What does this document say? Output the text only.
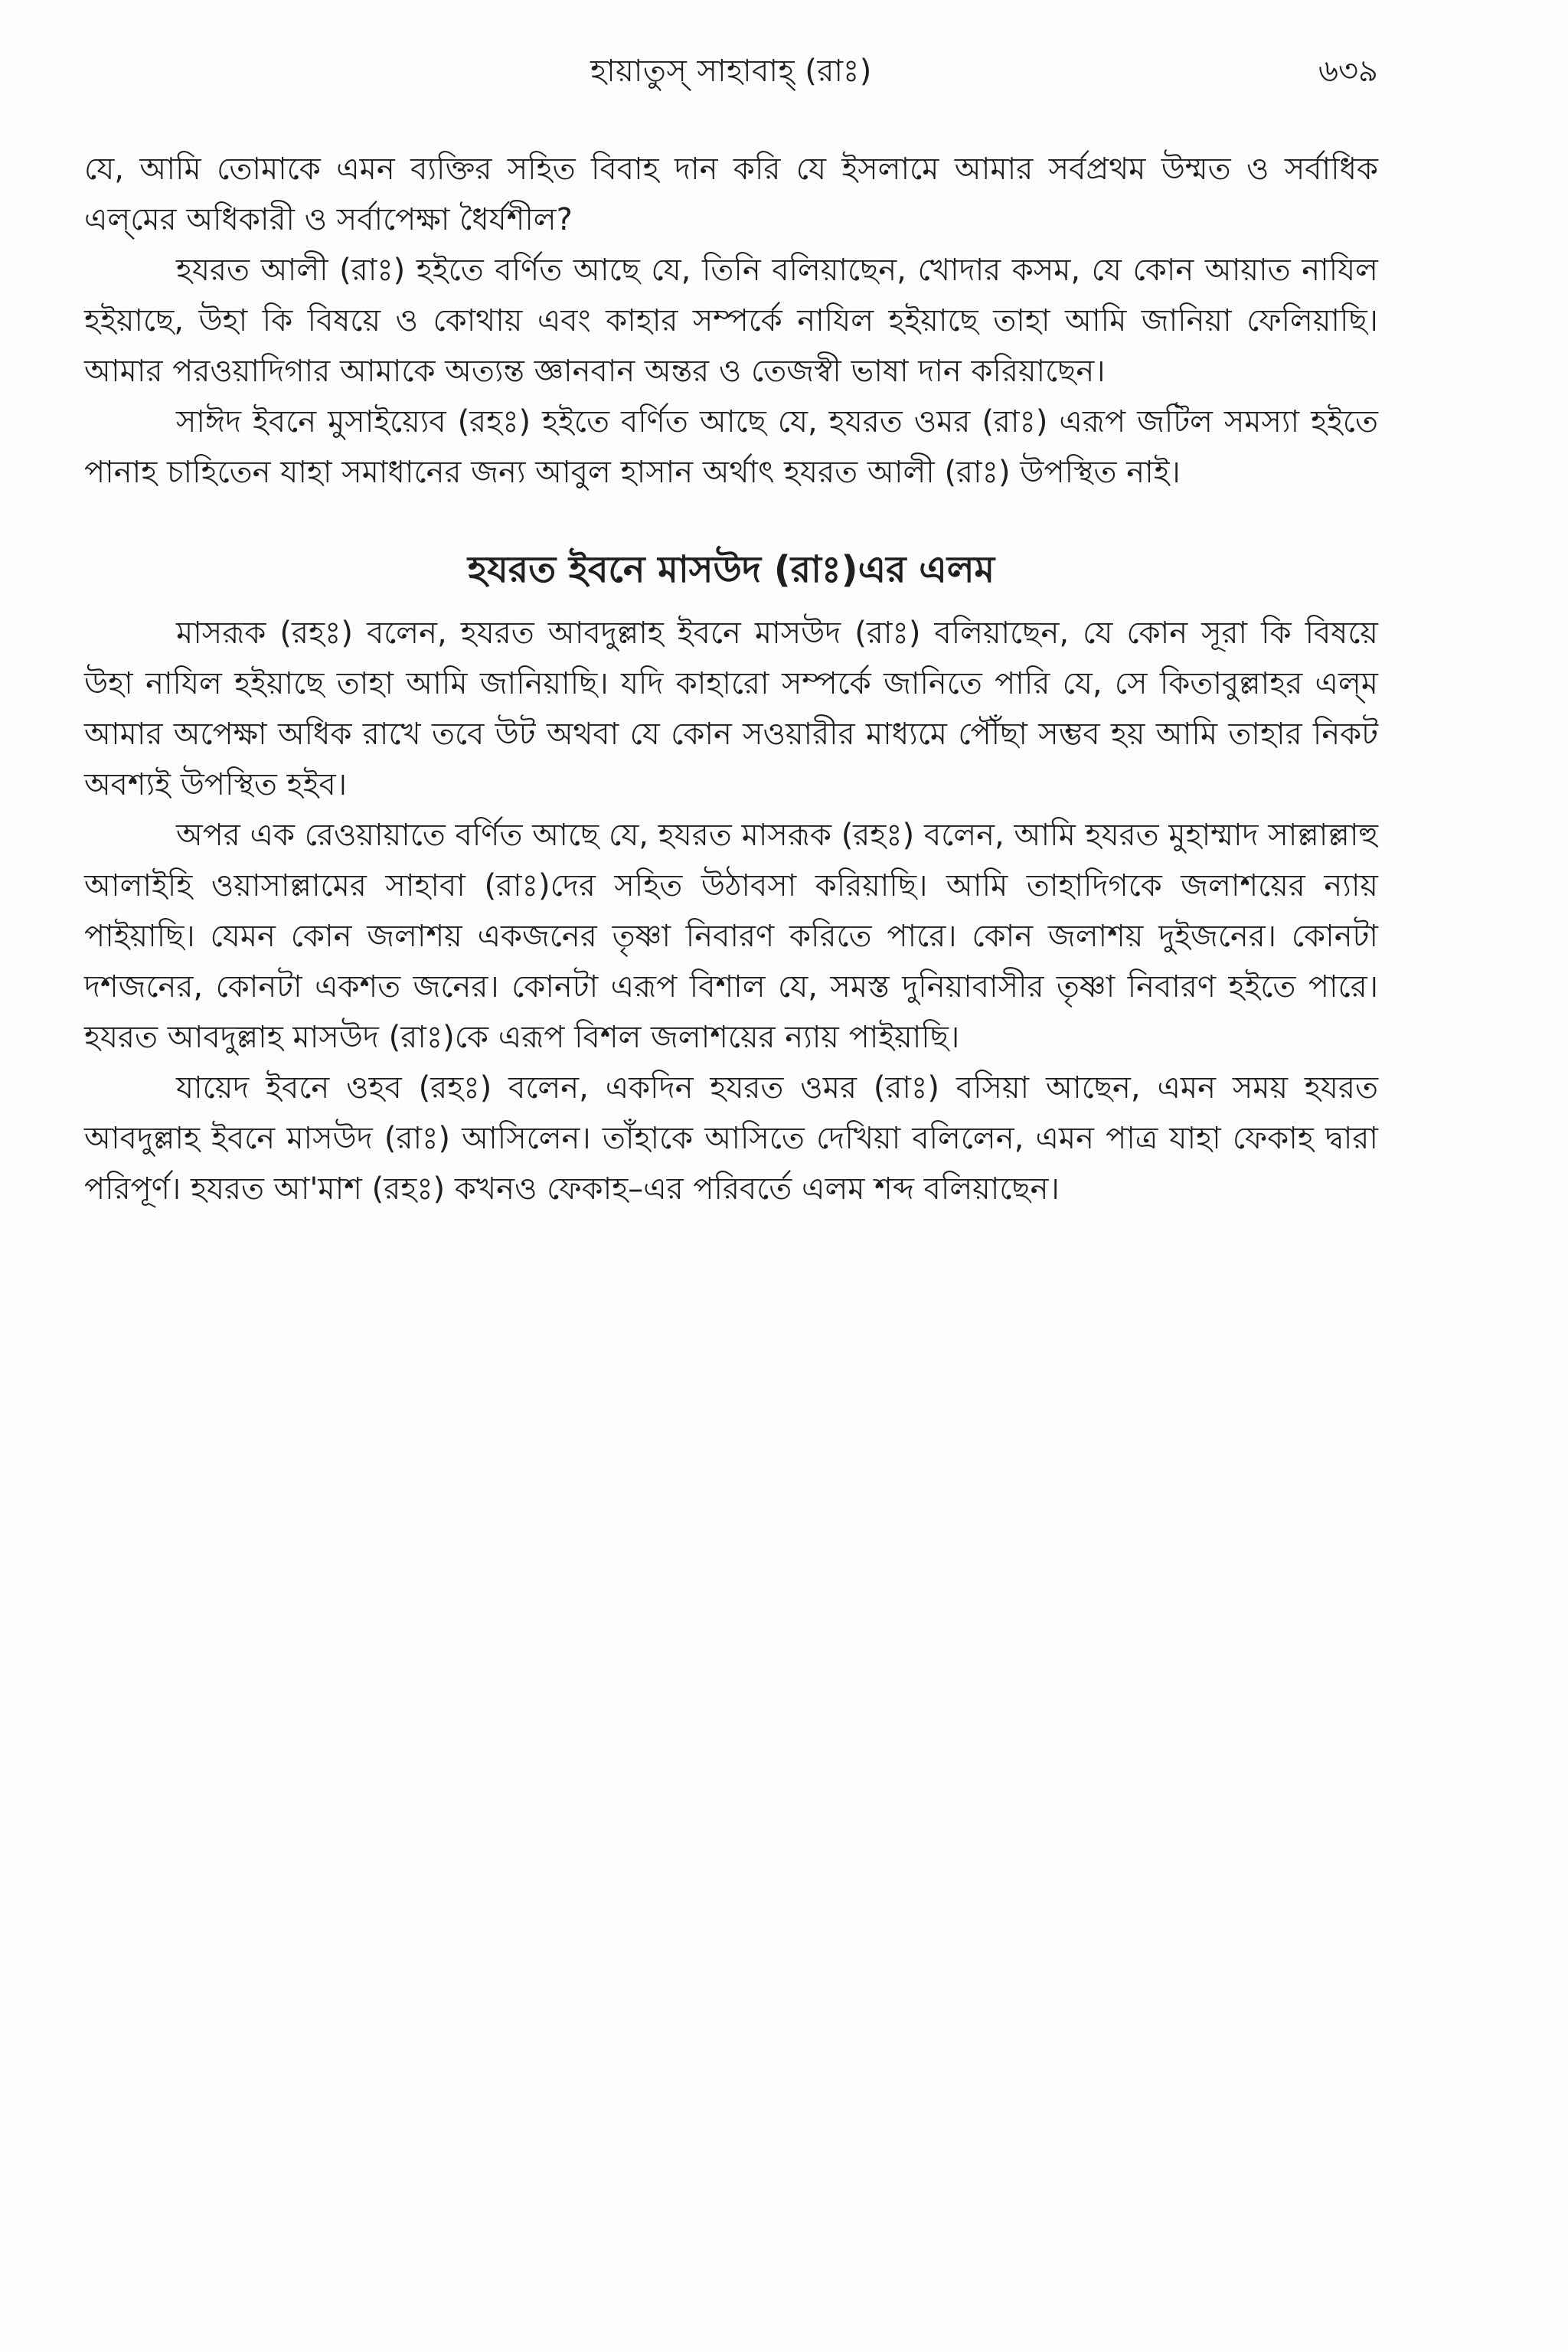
হায়াতুস্‌ সাহাবাহ্‌ (রাঃ)	৬৩৯

যে, আমি তোমাকে এমন ব্যক্তির সহিত বিবাহ দান করি যে ইসলামে আমার সর্বপ্রথম উম্মত ও সর্বাধিক এল্‌মের অধিকারী ও সর্বাপেক্ষা ধৈর্যশীল?

হযরত আলী (রাঃ) হইতে বর্ণিত আছে যে, তিনি বলিয়াছেন, খোদার কসম, যে কোন আয়াত নাযিল হইয়াছে, উহা কি বিষয়ে ও কোথায় এবং কাহার সম্পর্কে নাযিল হইয়াছে তাহা আমি জানিয়া ফেলিয়াছি। আমার পরওয়াদিগার আমাকে অত্যন্ত জ্ঞানবান অন্তর ও তেজস্বী ভাষা দান করিয়াছেন।

সাঈদ ইবনে মুসাইয়্যেব (রহঃ) হইতে বর্ণিত আছে যে, হযরত ওমর (রাঃ) এরূপ জটিল সমস্যা হইতে পানাহ চাহিতেন যাহা সমাধানের জন্য আবুল হাসান অর্থাৎ হযরত আলী (রাঃ) উপস্থিত নাই।

হযরত ইবনে মাসউদ (রাঃ)এর এলম

মাসরূক (রহঃ) বলেন, হযরত আবদুল্লাহ ইবনে মাসউদ (রাঃ) বলিয়াছেন, যে কোন সূরা কি বিষয়ে উহা নাযিল হইয়াছে তাহা আমি জানিয়াছি। যদি কাহারো সম্পর্কে জানিতে পারি যে, সে কিতাবুল্লাহর এল্‌ম আমার অপেক্ষা অধিক রাখে তবে উট অথবা যে কোন সওয়ারীর মাধ্যমে পৌঁছা সম্ভব হয় আমি তাহার নিকট অবশ্যই উপস্থিত হইব।

অপর এক রেওয়ায়াতে বর্ণিত আছে যে, হযরত মাসরূক (রহঃ) বলেন, আমি হযরত মুহাম্মাদ সাল্লাল্লাহু আলাইহি ওয়াসাল্লামের সাহাবা (রাঃ)দের সহিত উঠাবসা করিয়াছি। আমি তাহাদিগকে জলাশয়ের ন্যায় পাইয়াছি। যেমন কোন জলাশয় একজনের তৃষ্ণা নিবারণ করিতে পারে। কোন জলাশয় দুইজনের। কোনটা দশজনের, কোনটা একশত জনের। কোনটা এরূপ বিশাল যে, সমস্ত দুনিয়াবাসীর তৃষ্ণা নিবারণ হইতে পারে। হযরত আবদুল্লাহ মাসউদ (রাঃ)কে এরূপ বিশল জলাশয়ের ন্যায় পাইয়াছি।

যায়েদ ইবনে ওহব (রহঃ) বলেন, একদিন হযরত ওমর (রাঃ) বসিয়া আছেন, এমন সময় হযরত আবদুল্লাহ ইবনে মাসউদ (রাঃ) আসিলেন। তাঁহাকে আসিতে দেখিয়া বলিলেন, এমন পাত্র যাহা ফেকাহ দ্বারা পরিপূর্ণ। হযরত আ'মাশ (রহঃ) কখনও ফেকাহ–এর পরিবর্তে এলম শব্দ বলিয়াছেন।
